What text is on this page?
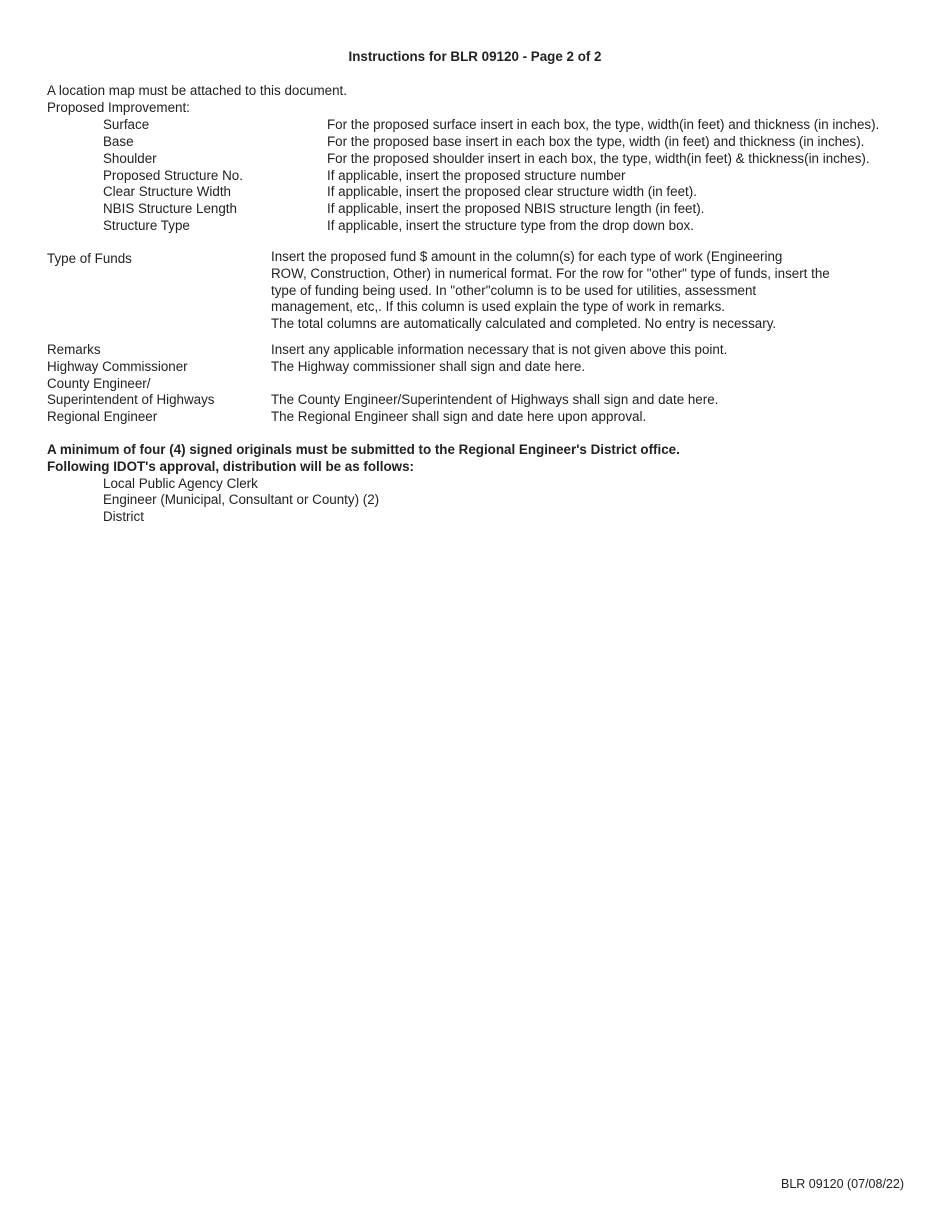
Instructions for BLR 09120 - Page 2 of 2
A location map must be attached to this document.
Proposed Improvement:
Surface	For the proposed surface insert in each box, the type, width(in feet) and thickness (in inches).
Base	For the proposed base insert in each box the type, width (in feet) and thickness (in inches).
Shoulder	For the proposed shoulder insert in each box, the type, width(in feet) & thickness(in inches).
Proposed Structure No.	If applicable, insert the proposed structure number
Clear Structure Width	If applicable, insert the proposed clear structure width (in feet).
NBIS Structure Length	If applicable, insert the proposed NBIS structure length (in feet).
Structure Type	If applicable, insert the structure type from the drop down box.
Type of Funds	Insert the proposed fund $ amount in the column(s) for each type of work (Engineering
ROW, Construction, Other) in numerical format. For the row for "other" type of funds, insert the
type of funding being used. In "other"column is to be used for utilities, assessment
management, etc,. If this column is used explain the type of work in remarks.
The total columns are automatically calculated and completed. No entry is necessary.
Remarks	Insert any applicable information necessary that is not given above this point.
Highway Commissioner	The Highway commissioner shall sign and date here.
County Engineer/
Superintendent of Highways	The County Engineer/Superintendent of Highways shall sign and date here.
Regional Engineer	The Regional Engineer shall sign and date here upon approval.
A minimum of four (4) signed originals must be submitted to the Regional Engineer's District office.
Following IDOT's approval, distribution will be as follows:
Local Public Agency Clerk
Engineer (Municipal, Consultant or County) (2)
District
BLR 09120 (07/08/22)
